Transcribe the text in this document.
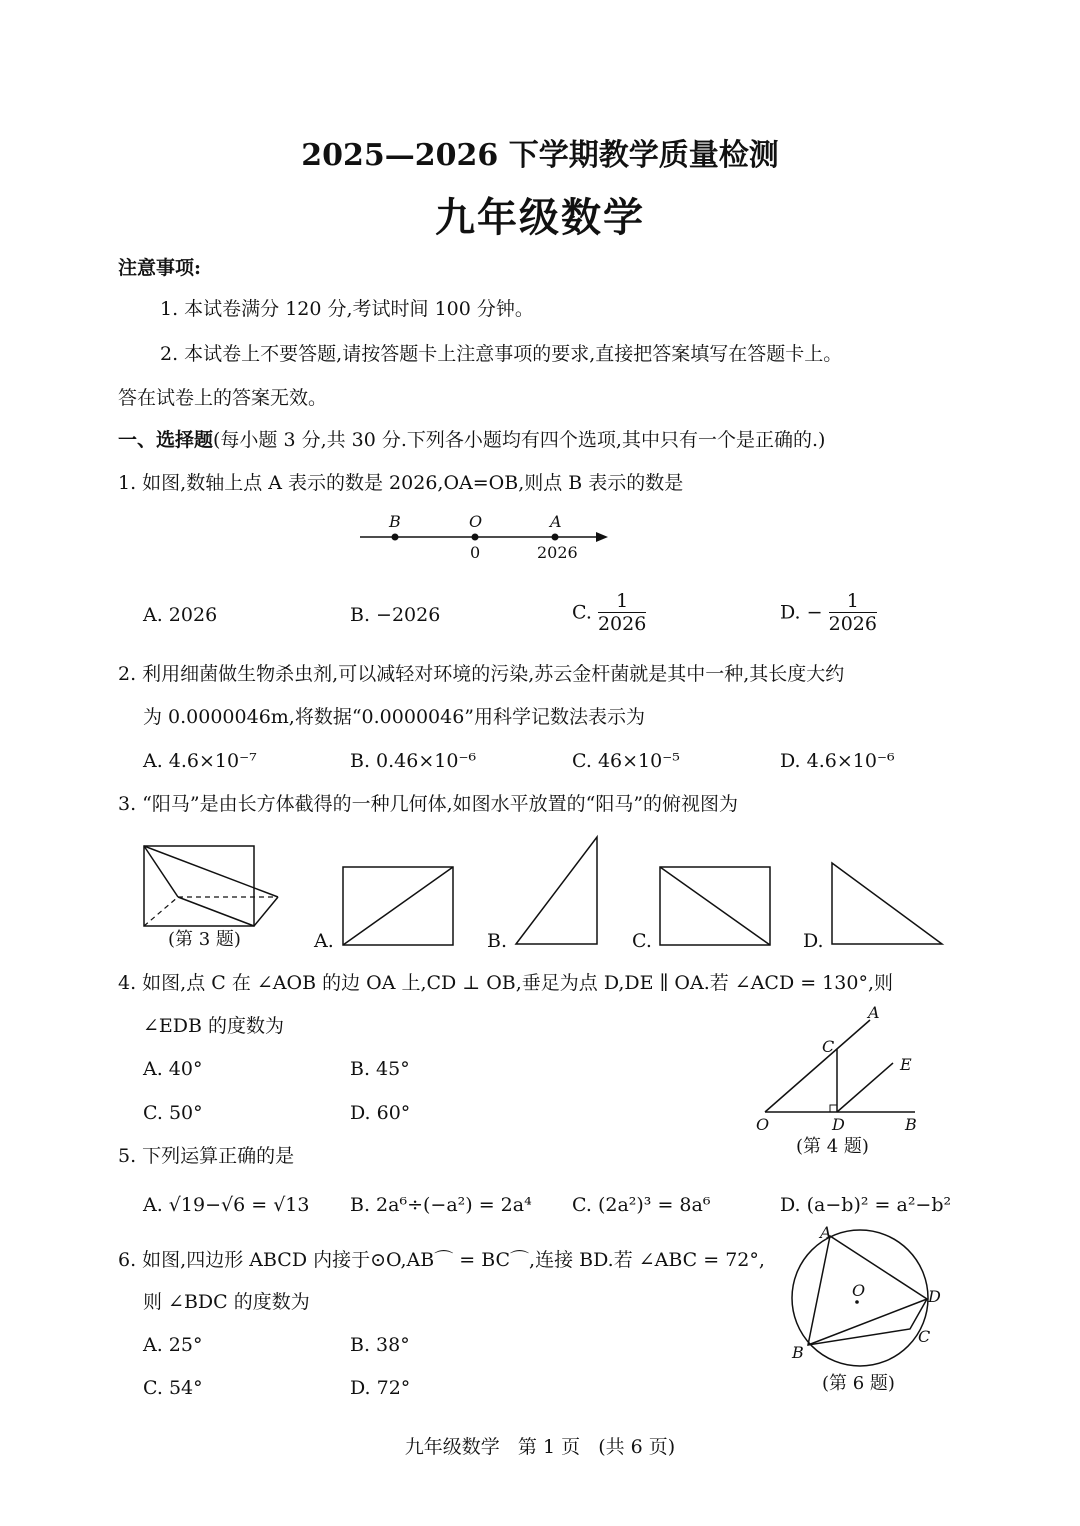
2025—2026 下学期教学质量检测
九年级数学
注意事项:
1. 本试卷满分 120 分,考试时间 100 分钟。
2. 本试卷上不要答题,请按答题卡上注意事项的要求,直接把答案填写在答题卡上。
答在试卷上的答案无效。
一、选择题(每小题 3 分,共 30 分.下列各小题均有四个选项,其中只有一个是正确的.)
1. 如图,数轴上点 A 表示的数是 2026,OA=OB,则点 B 表示的数是
B	O	A
0	2026
A. 2026	B. −2026	C. $\frac{1}{2026}$	D. − $\frac{1}{2026}$
2. 利用细菌做生物杀虫剂,可以减轻对环境的污染,苏云金杆菌就是其中一种,其长度大约
为 0.0000046m,将数据“0.0000046”用科学记数法表示为
A. 4.6×10⁻⁷	B. 0.46×10⁻⁶	C. 46×10⁻⁵	D. 4.6×10⁻⁶
3. “阳马”是由长方体截得的一种几何体,如图水平放置的“阳马”的俯视图为
(第 3 题)	A.	B.	C.	D.
4. 如图,点 C 在 ∠AOB 的边 OA 上,CD ⊥ OB,垂足为点 D,DE ∥ OA.若 ∠ACD = 130°,则
∠EDB 的度数为
A. 40°	B. 45°
C. 50°	D. 60°
A
C
E
O	D	B
(第 4 题)
5. 下列运算正确的是
A. √19−√6 = √13 B. 2a⁶÷(−a²) = 2a⁴ C. (2a²)³ = 8a⁶	D. (a−b)² = a²−b²
6. 如图,四边形 ABCD 内接于⊙O,AB⌒ = BC⌒,连接 BD.若 ∠ABC = 72°,
则 ∠BDC 的度数为
A. 25°	B. 38°
C. 54°	D. 72°
A
O	D
C
B
(第 6 题)
九年级数学   第 1 页   (共 6 页)
